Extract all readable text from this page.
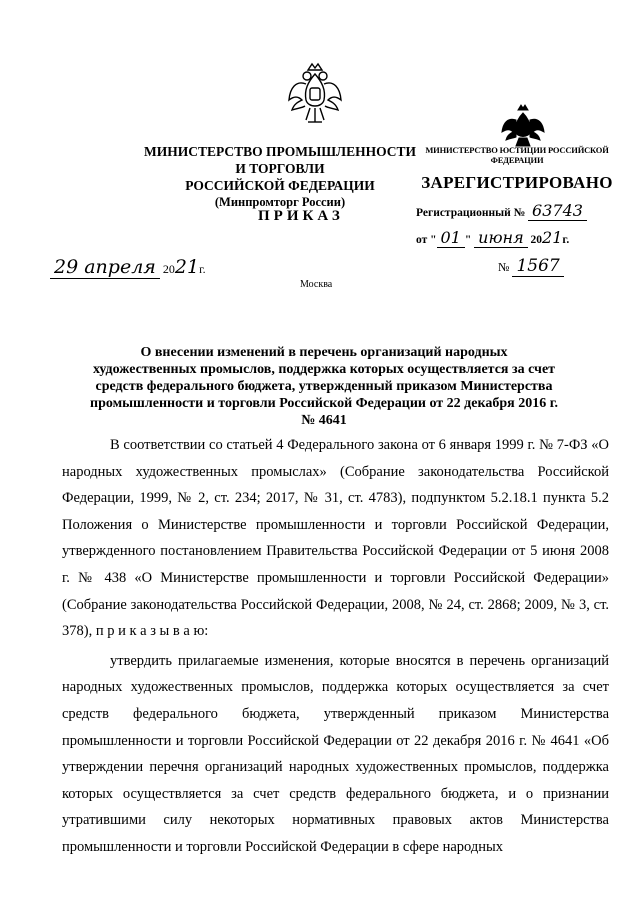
МИНИСТЕРСТВО ПРОМЫШЛЕННОСТИ И ТОРГОВЛИ
РОССИЙСКОЙ ФЕДЕРАЦИИ
(Минпромторг России)
МИНИСТЕРСТВО ЮСТИЦИИ РОССИЙСКОЙ ФЕДЕРАЦИИ
ЗАРЕГИСТРИРОВАНО
Регистрационный № 63743
от " 01 " июня 2021г.
ПРИКАЗ
29 апреля 2021г.	№ 1567
Москва
О внесении изменений в перечень организаций народных художественных промыслов, поддержка которых осуществляется за счет средств федерального бюджета, утвержденный приказом Министерства промышленности и торговли Российской Федерации от 22 декабря 2016 г. № 4641

В соответствии со статьей 4 Федерального закона от 6 января 1999 г. № 7-ФЗ «О народных художественных промыслах» (Собрание законодательства Российской Федерации, 1999, № 2, ст. 234; 2017, № 31, ст. 4783), подпунктом 5.2.18.1 пункта 5.2 Положения о Министерстве промышленности и торговли Российской Федерации, утвержденного постановлением Правительства Российской Федерации от 5 июня 2008 г. № 438 «О Министерстве промышленности и торговли Российской Федерации» (Собрание законодательства Российской Федерации, 2008, № 24, ст. 2868; 2009, № 3, ст. 378), п р и к а з ы в а ю:

утвердить прилагаемые изменения, которые вносятся в перечень организаций народных художественных промыслов, поддержка которых осуществляется за счет средств федерального бюджета, утвержденный приказом Министерства промышленности и торговли Российской Федерации от 22 декабря 2016 г. № 4641 «Об утверждении перечня организаций народных художественных промыслов, поддержка которых осуществляется за счет средств федерального бюджета, и о признании утратившими силу некоторых нормативных правовых актов Министерства промышленности и торговли Российской Федерации в сфере народных
